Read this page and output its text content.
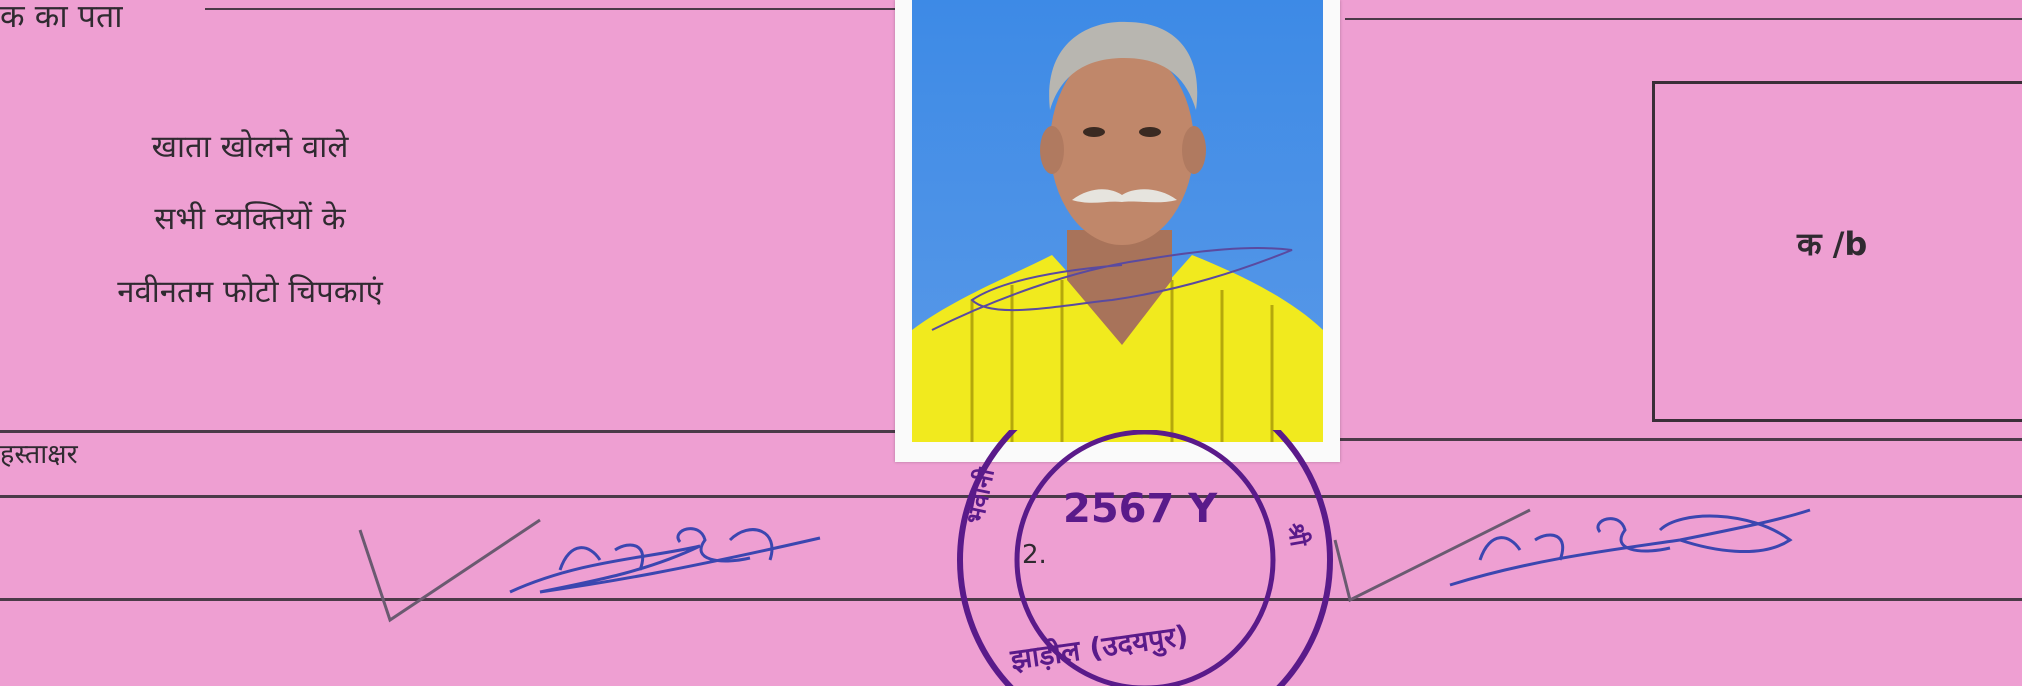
क का पता
खाता खोलने वाले
सभी व्यक्तियों के
नवीनतम फोटो चिपकाएं
हस्ताक्षर
क /b
2.
2567 Y
भवानी
झाड़ोल (उदयपुर)
श्री
